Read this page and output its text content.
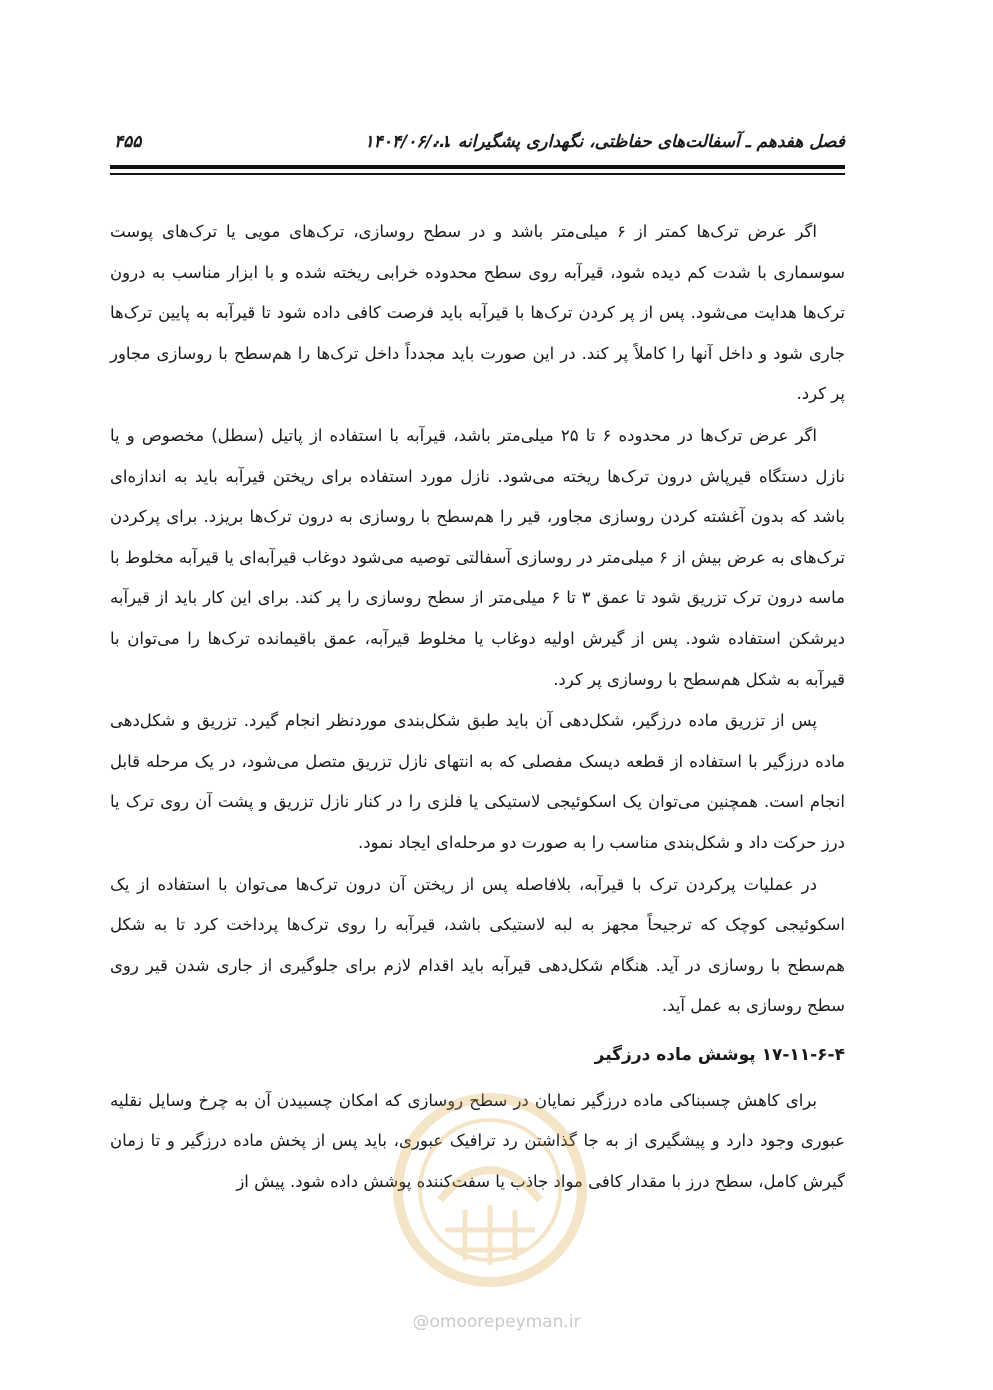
فصل هفدهم ـ آسفالت‌های حفاظتی، نگهداری پشگیرانه ...
۱۴۰۴/۰۶/۰۱
۴۵۵

اگر عرض ترک‌ها کمتر از ۶ میلی‌متر باشد و در سطح روسازی، ترک‌های مویی یا ترک‌های پوست سوسماری با شدت کم دیده شود، قیرآبه روی سطح محدوده خرابی ریخته شده و با ابزار مناسب به درون ترک‌ها هدایت می‌شود. پس از پر کردن ترک‌ها با قیرآبه باید فرصت کافی داده شود تا قیرآبه به پایین ترک‌ها جاری شود و داخل آنها را کاملاً پر کند. در این صورت باید مجدداً داخل ترک‌ها را هم‌سطح با روسازی مجاور پر کرد.

اگر عرض ترک‌ها در محدوده ۶ تا ۲۵ میلی‌متر باشد، قیرآبه با استفاده از پاتیل (سطل) مخصوص و یا نازل دستگاه قیرپاش درون ترک‌ها ریخته می‌شود. نازل مورد استفاده برای ریختن قیرآبه باید به اندازه‌ای باشد که بدون آغشته کردن روسازی مجاور، قیر را هم‌سطح با روسازی به درون ترک‌ها بریزد. برای پرکردن ترک‌های به عرض بیش از ۶ میلی‌متر در روسازی آسفالتی توصیه می‌شود دوغاب قیرآبه‌ای یا قیرآبه مخلوط با ماسه درون ترک تزریق شود تا عمق ۳ تا ۶ میلی‌متر از سطح روسازی را پر کند. برای این کار باید از قیرآبه دیرشکن استفاده شود. پس از گیرش اولیه دوغاب یا مخلوط قیرآبه، عمق باقیمانده ترک‌ها را می‌توان با قیرآبه به شکل هم‌سطح با روسازی پر کرد.

پس از تزریق ماده درزگیر، شکل‌دهی آن باید طبق شکل‌بندی موردنظر انجام گیرد. تزریق و شکل‌دهی ماده درزگیر با استفاده از قطعه دیسک مفصلی که به انتهای نازل تزریق متصل می‌شود، در یک مرحله قابل انجام است. همچنین می‌توان یک اسکوئیجی لاستیکی یا فلزی را در کنار نازل تزریق و پشت آن روی ترک یا درز حرکت داد و شکل‌بندی مناسب را به صورت دو مرحله‌ای ایجاد نمود.

در عملیات پرکردن ترک با قیرآبه، بلافاصله پس از ریختن آن درون ترک‌ها می‌توان با استفاده از یک اسکوئیجی کوچک که ترجیحاً مجهز به لبه لاستیکی باشد، قیرآبه را روی ترک‌ها پرداخت کرد تا به شکل هم‌سطح با روسازی در آید. هنگام شکل‌دهی قیرآبه باید اقدام لازم برای جلوگیری از جاری شدن قیر روی سطح روسازی به عمل آید.

۱۷-۱۱-۶-۴ پوشش ماده درزگیر

برای کاهش چسبناکی ماده درزگیر نمایان در سطح روسازی که امکان چسبیدن آن به چرخ وسایل نقلیه عبوری وجود دارد و پیشگیری از به جا گذاشتن رد ترافیک عبوری، باید پس از پخش ماده درزگیر و تا زمان گیرش کامل، سطح درز با مقدار کافی مواد جاذب یا سفت‌کننده پوشش داده شود. پیش از

@omoorepeyman.ir
